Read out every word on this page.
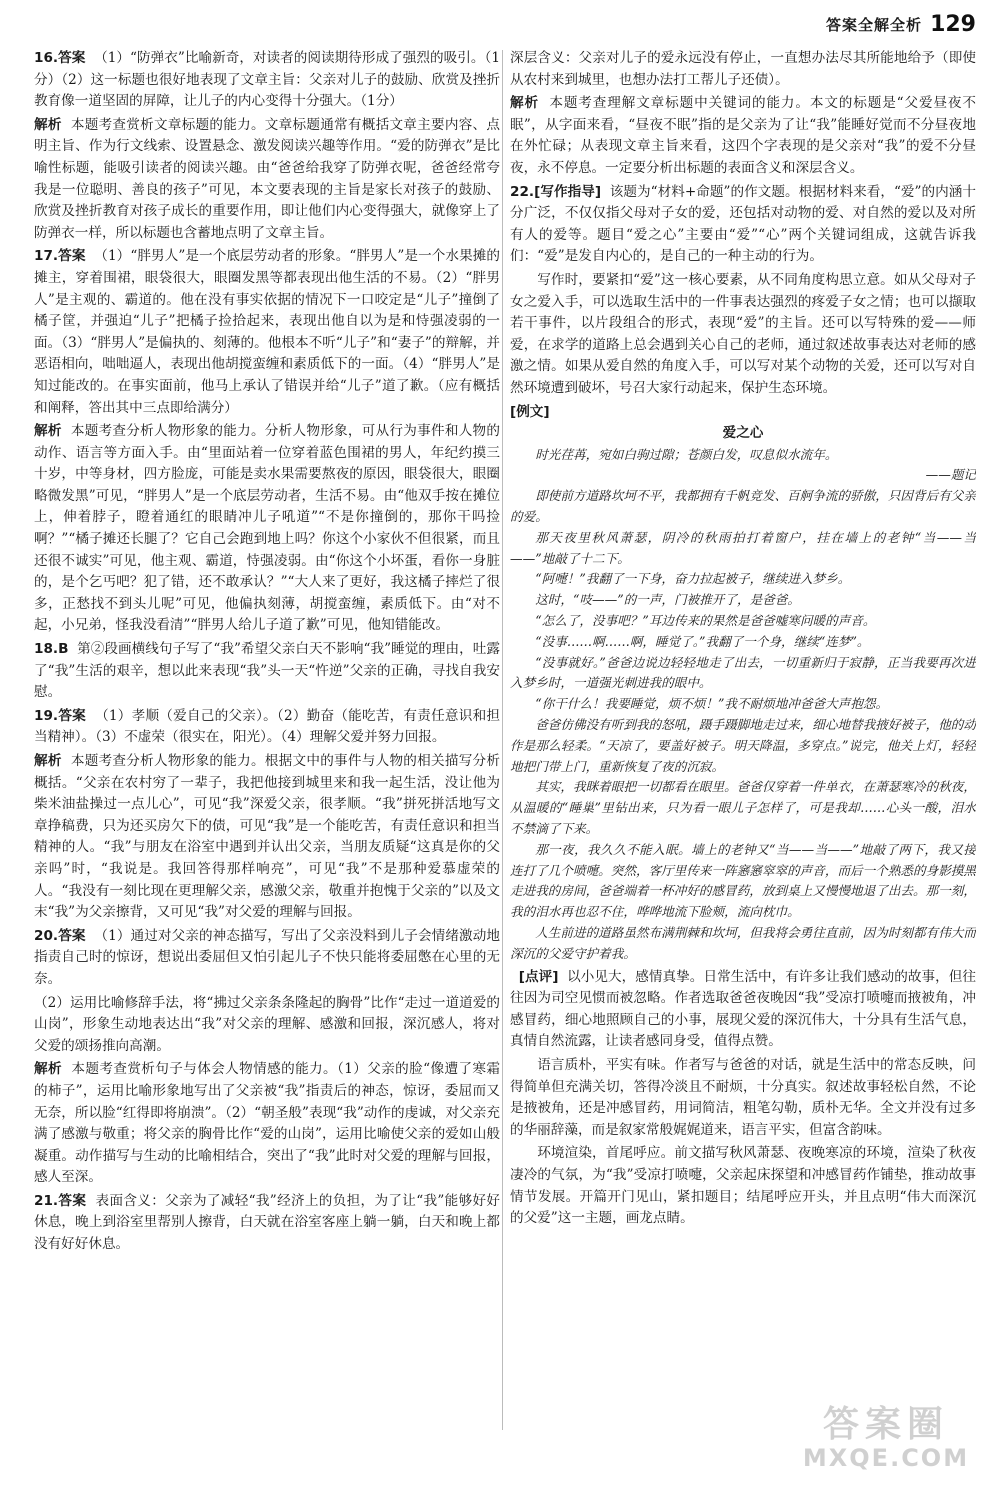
答案全解全析 129

16.答案 （1）“防弹衣”比喻新奇，对读者的阅读期待形成了强烈的吸引。（1分）（2）这一标题也很好地表现了文章主旨：父亲对儿子的鼓励、欣赏及挫折教育像一道坚固的屏障，让儿子的内心变得十分强大。（1分）

解析 本题考查赏析文章标题的能力。文章标题通常有概括文章主要内容、点明主旨、作为行文线索、设置悬念、激发阅读兴趣等作用。“爱的防弹衣”是比喻性标题，能吸引读者的阅读兴趣。由“爸爸给我穿了防弹衣呢，爸爸经常夸我是一位聪明、善良的孩子”可见，本文要表现的主旨是家长对孩子的鼓励、欣赏及挫折教育对孩子成长的重要作用，即让他们内心变得强大，就像穿上了防弹衣一样，所以标题也含蓄地点明了文章主旨。

17.答案 （1）“胖男人”是一个底层劳动者的形象。“胖男人”是一个水果摊的摊主，穿着围裙，眼袋很大，眼圈发黑等都表现出他生活的不易。（2）“胖男人”是主观的、霸道的。他在没有事实依据的情况下一口咬定是“儿子”撞倒了橘子筐，并强迫“儿子”把橘子捡拾起来，表现出他自以为是和恃强凌弱的一面。（3）“胖男人”是偏执的、刻薄的。他根本不听“儿子”和“妻子”的辩解，并恶语相向，咄咄逼人，表现出他胡搅蛮缠和素质低下的一面。（4）“胖男人”是知过能改的。在事实面前，他马上承认了错误并给“儿子”道了歉。（应有概括和阐释，答出其中三点即给满分）

解析 本题考查分析人物形象的能力。分析人物形象，可从行为事件和人物的动作、语言等方面入手。由“里面站着一位穿着蓝色围裙的男人，年纪约摸三十岁，中等身材，四方脸庞，可能是卖水果需要熬夜的原因，眼袋很大，眼圈略微发黑”可见，“胖男人”是一个底层劳动者，生活不易。由“他双手按在摊位上，伸着脖子，瞪着通红的眼睛冲儿子吼道”“不是你撞倒的，那你干吗捡啊？”“橘子摊还长腿了？它自己会跑到地上吗？你这个小家伙不但很紧，而且还很不诚实”可见，他主观、霸道，恃强凌弱。由“你这个小坏蛋，看你一身脏的，是个乞丐吧？犯了错，还不敢承认？”“大人来了更好，我这橘子摔烂了很多，正愁找不到头儿呢”可见，他偏执刻薄，胡搅蛮缠，素质低下。由“对不起，小兄弟，怪我没看清”“胖男人给儿子道了歉”可见，他知错能改。

18.B 第②段画横线句子写了“我”希望父亲白天不影响“我”睡觉的理由，吐露了“我”生活的艰辛，想以此来表现“我”头一天“忤逆”父亲的正确，寻找自我安慰。

19.答案 （1）孝顺（爱自己的父亲）。（2）勤奋（能吃苦，有责任意识和担当精神）。（3）不虚荣（很实在，阳光）。（4）理解父爱并努力回报。

解析 本题考查分析人物形象的能力。根据文中的事件与人物的相关描写分析概括。“父亲在农村穷了一辈子，我把他接到城里来和我一起生活，没让他为柴米油盐操过一点儿心”，可见“我”深爱父亲，很孝顺。“我”拼死拼活地写文章挣稿费，只为还买房欠下的债，可见“我”是一个能吃苦，有责任意识和担当精神的人。“我”与朋友在浴室中遇到并认出父亲，当朋友质疑“这真是你的父亲吗”时，“我说是。我回答得那样响亮”，可见“我”不是那种爱慕虚荣的人。“我没有一刻比现在更理解父亲，感激父亲，敬重并抱愧于父亲的”以及文末“我”为父亲擦背，又可见“我”对父爱的理解与回报。

20.答案 （1）通过对父亲的神态描写，写出了父亲没料到儿子会情绪激动地指责自己时的惊讶，想说出委屈但又怕引起儿子不快只能将委屈憋在心里的无奈。

（2）运用比喻修辞手法，将“拂过父亲条条隆起的胸骨”比作“走过一道道爱的山岗”，形象生动地表达出“我”对父亲的理解、感激和回报，深沉感人，将对父爱的颂扬推向高潮。

解析 本题考查赏析句子与体会人物情感的能力。（1）父亲的脸“像遭了寒霜的柿子”，运用比喻形象地写出了父亲被“我”指责后的神态，惊讶，委屈而又无奈，所以脸“红得即将崩溃”。（2）“朝圣般”表现“我”动作的虔诚，对父亲充满了感激与敬重；将父亲的胸骨比作“爱的山岗”，运用比喻使父亲的爱如山般凝重。动作描写与生动的比喻相结合，突出了“我”此时对父爱的理解与回报，感人至深。

21.答案 表面含义：父亲为了减轻“我”经济上的负担，为了让“我”能够好好休息，晚上到浴室里帮别人擦背，白天就在浴室客座上躺一躺，白天和晚上都没有好好休息。

深层含义：父亲对儿子的爱永远没有停止，一直想办法尽其所能地给予（即使从农村来到城里，也想办法打工帮儿子还债）。

解析 本题考查理解文章标题中关键词的能力。本文的标题是“父爱昼夜不眠”，从字面来看，“昼夜不眠”指的是父亲为了让“我”能睡好觉而不分昼夜地在外忙碌；从表现文章主旨来看，这四个字表现的是父亲对“我”的爱不分昼夜，永不停息。一定要分析出标题的表面含义和深层含义。

22.[写作指导] 该题为“材料+命题”的作文题。根据材料来看，“爱”的内涵十分广泛，不仅仅指父母对子女的爱，还包括对动物的爱、对自然的爱以及对所有人的爱等。题目“爱之心”主要由“爱”“心”两个关键词组成，这就告诉我们：“爱”是发自内心的，是自己的一种主动的行为。

写作时，要紧扣“爱”这一核心要素，从不同角度构思立意。如从父母对子女之爱入手，可以选取生活中的一件事表达强烈的疼爱子女之情；也可以撷取若干事件，以片段组合的形式，表现“爱”的主旨。还可以写特殊的爱——师爱，在求学的道路上总会遇到关心自己的老师，通过叙述故事表达对老师的感激之情。如果从爱自然的角度入手，可以写对某个动物的关爱，还可以写对自然环境遭到破坏，号召大家行动起来，保护生态环境。

[例文]

爱之心

时光荏苒，宛如白驹过隙；苍颜白发，叹息似水流年。

——题记

即使前方道路坎坷不平，我都拥有千帆竞发、百舸争流的骄傲，只因背后有父亲的爱。

那天夜里秋风萧瑟，阴冷的秋雨拍打着窗户，挂在墙上的老钟“当——当——”地敲了十二下。

“阿嚏！”我翻了一下身，奋力拉起被子，继续进入梦乡。

这时，“吱——”的一声，门被推开了，是爸爸。

“怎么了，没事吧？”耳边传来的果然是爸爸嘘寒问暖的声音。

“没事……啊……啊，睡觉了。”我翻了一个身，继续“连梦”。

“没事就好。”爸爸边说边轻轻地走了出去，一切重新归于寂静，正当我要再次进入梦乡时，一道强光刺进我的眼中。

“你干什么！我要睡觉，烦不烦！”我不耐烦地冲爸爸大声抱怨。

爸爸仿佛没有听到我的怒吼，蹑手蹑脚地走过来，细心地替我掖好被子，他的动作是那么轻柔。“天凉了，要盖好被子。明天降温，多穿点。”说完，他关上灯，轻轻地把门带上门，重新恢复了夜的沉寂。

其实，我眯着眼把一切都看在眼里。爸爸仅穿着一件单衣，在萧瑟寒冷的秋夜，从温暖的“睡巢”里钻出来，只为看一眼儿子怎样了，可是我却……心头一酸，泪水不禁滴了下来。

那一夜，我久久不能入眠。墙上的老钟又“当——当——”地敲了两下，我又接连打了几个喷嚏。突然，客厅里传来一阵窸窸窣窣的声音，而后一个熟悉的身影摸黑走进我的房间，爸爸端着一杯冲好的感冒药，放到桌上又慢慢地退了出去。那一刻，我的泪水再也忍不住，哗哗地流下脸颊，流向枕巾。

人生前进的道路虽然布满荆棘和坎坷，但我将会勇往直前，因为时刻都有伟大而深沉的父爱守护着我。

[点评] 以小见大，感情真挚。日常生活中，有许多让我们感动的故事，但往往因为司空见惯而被忽略。作者选取爸爸夜晚因“我”受凉打喷嚏而掖被角，冲感冒药，细心地照顾自己的小事，展现父爱的深沉伟大，十分具有生活气息，真情自然流露，让读者感同身受，值得点赞。

语言质朴，平实有味。作者写与爸爸的对话，就是生活中的常态反映，问得简单但充满关切，答得冷淡且不耐烦，十分真实。叙述故事轻松自然，不论是掖被角，还是冲感冒药，用词简洁，粗笔勾勒，质朴无华。全文并没有过多的华丽辞藻，而是叙家常般娓娓道来，语言平实，但富含韵味。

环境渲染，首尾呼应。前文描写秋风萧瑟、夜晚寒凉的环境，渲染了秋夜凄冷的气氛，为“我”受凉打喷嚏，父亲起床探望和冲感冒药作铺垫，推动故事情节发展。开篇开门见山，紧扣题目；结尾呼应开头，并且点明“伟大而深沉的父爱”这一主题，画龙点睛。

答案圈
MXQE.COM
